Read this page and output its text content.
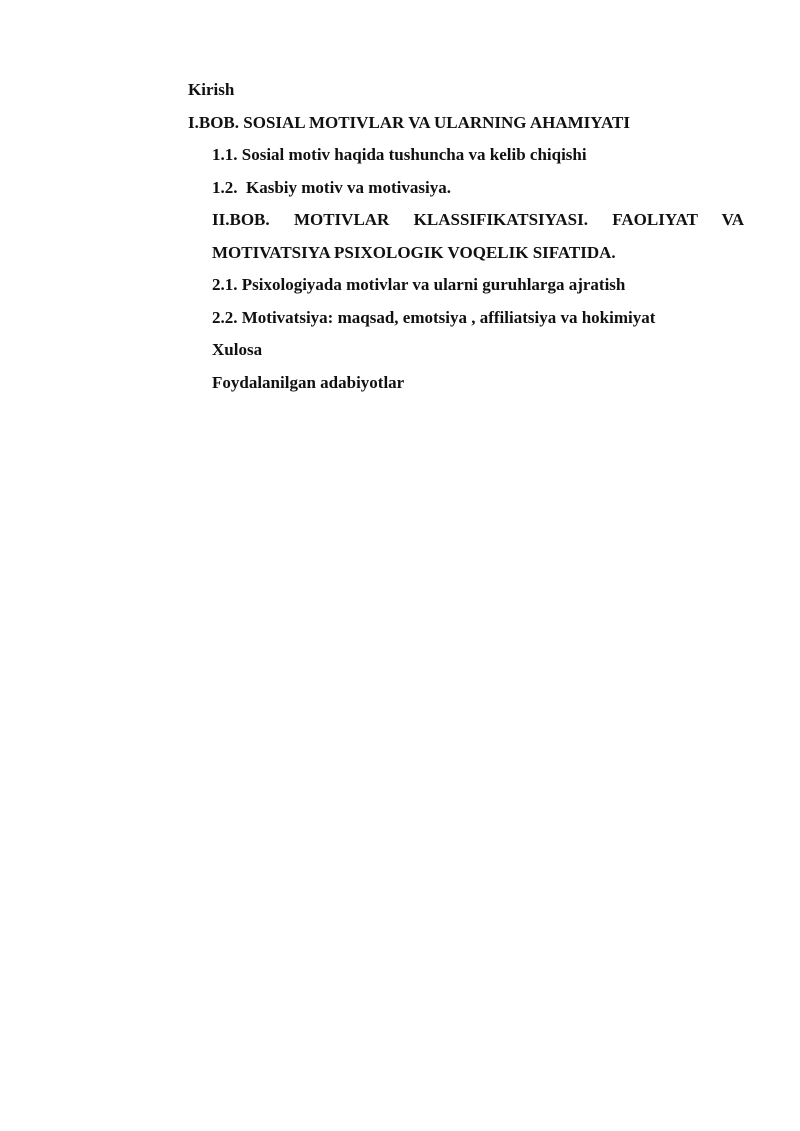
Kirish
I.BOB. SOSIAL MOTIVLAR VA ULARNING AHAMIYATI
1.1. Sosial motiv haqida tushuncha va kelib chiqishi
1.2.  Kasbiy motiv va motivasiya.
II.BOB. MOTIVLAR KLASSIFIKATSIYASI. FAOLIYAT VA
MOTIVATSIYA PSIXOLOGIK VOQELIK SIFATIDA.
2.1. Psixologiyada motivlar va ularni guruhlarga ajratish
2.2. Motivatsiya: maqsad, emotsiya , affiliatsiya va hokimiyat
Xulosa
Foydalanilgan adabiyotlar
